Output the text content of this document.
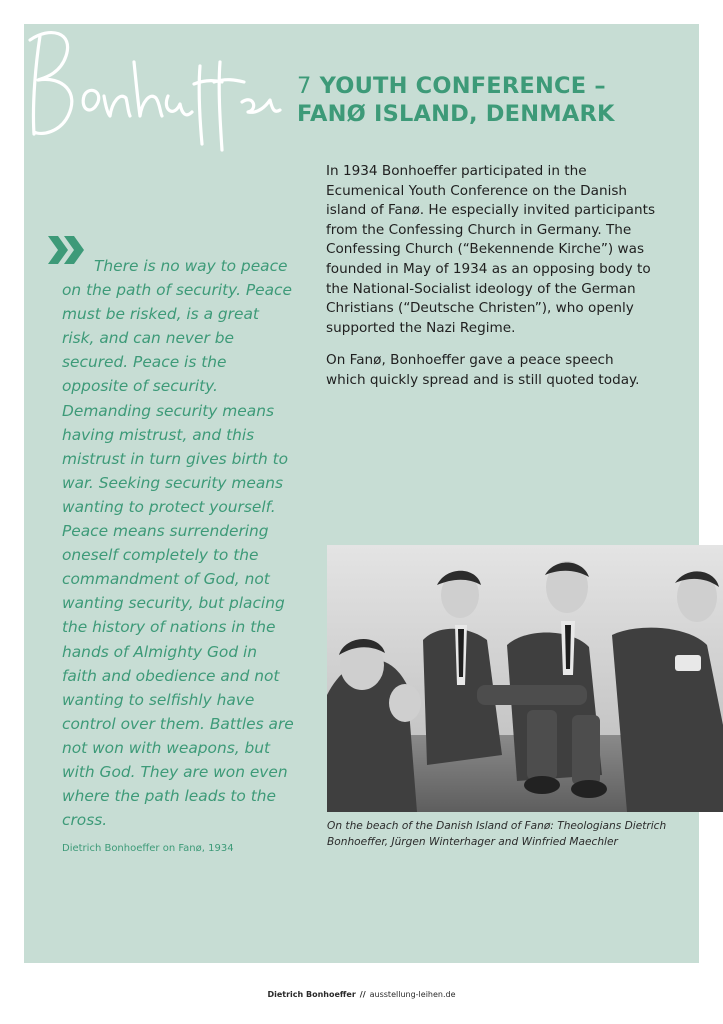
7 YOUTH CONFERENCE –
FANØ ISLAND, DENMARK

In 1934 Bonhoeffer participated in the Ecumenical Youth Conference on the Danish island of Fanø. He especially invited participants from the Confessing Church in Germany. The Confessing Church (“Bekennende Kirche”) was founded in May of 1934 as an opposing body to the National-Socialist ideology of the German Christians (“Deutsche Christen”), who openly supported the Nazi Regime.

On Fanø, Bonhoeffer gave a peace speech which quickly spread and is still quoted today.

There is no way to peace on the path of security. Peace must be risked, is a great risk, and can never be secured. Peace is the opposite of security. Demanding security means having mistrust, and this mistrust in turn gives birth to war. Seeking security means wanting to protect yourself. Peace means surrendering oneself completely to the commandment of God, not wanting security, but placing the history of nations in the hands of Almighty God in faith and obedience and not wanting to selfishly have control over them. Battles are not won with weapons, but with God. They are won even where the path leads to the cross.

Dietrich Bonhoeffer on Fanø, 1934
On the beach of the Danish Island of Fanø: Theologians Dietrich Bonhoeffer, Jürgen Winterhager and Winfried Maechler
Dietrich Bonhoeffer // ausstellung-leihen.de
